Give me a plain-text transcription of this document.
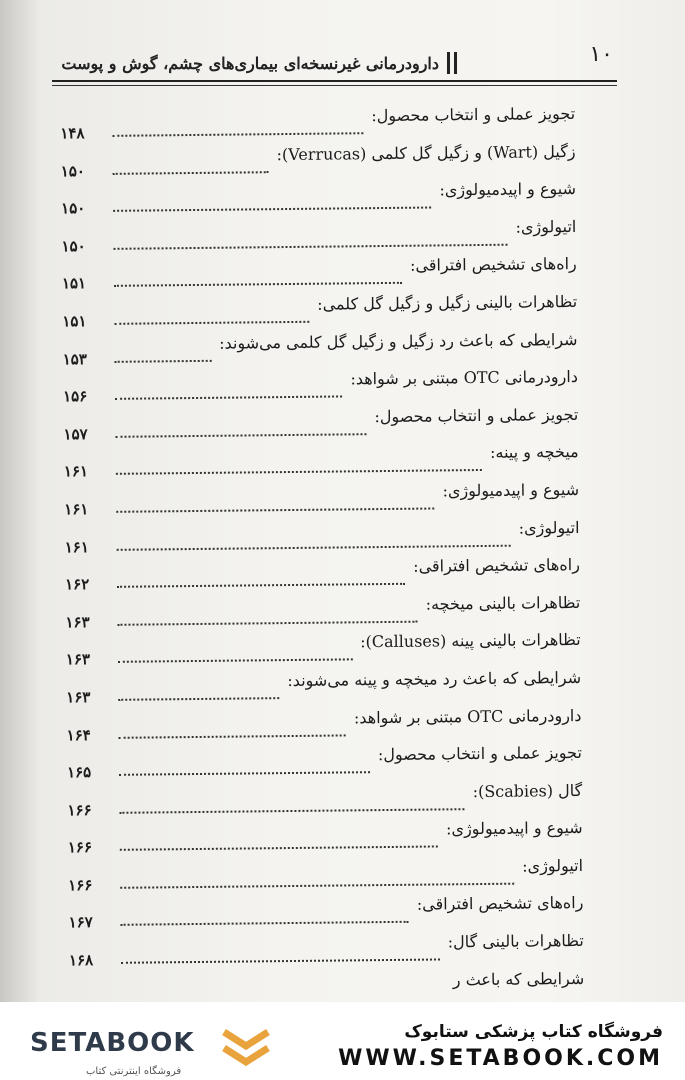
۱۰
دارودرمانی غیرنسخه‌ای بیماری‌های چشم، گوش و پوست
تجویز عملی و انتخاب محصول:
۱۴۸
زگیل (Wart) و زگیل گل کلمی (Verrucas):
۱۵۰
شیوع و اپیدمیولوژی:
۱۵۰
اتیولوژی:
۱۵۰
راه‌های تشخیص افتراقی:
۱۵۱
تظاهرات بالینی زگیل و زگیل گل کلمی:
۱۵۱
شرایطی که باعث رد زگیل و زگیل گل کلمی می‌شوند:
۱۵۳
دارودرمانی OTC مبتنی بر شواهد:
۱۵۶
تجویز عملی و انتخاب محصول:
۱۵۷
میخچه و پینه:
۱۶۱
شیوع و اپیدمیولوژی:
۱۶۱
اتیولوژی:
۱۶۱
راه‌های تشخیص افتراقی:
۱۶۲
تظاهرات بالینی میخچه:
۱۶۳
تظاهرات بالینی پینه (Calluses):
۱۶۳
شرایطی که باعث رد میخچه و پینه می‌شوند:
۱۶۳
دارودرمانی OTC مبتنی بر شواهد:
۱۶۴
تجویز عملی و انتخاب محصول:
۱۶۵
گال (Scabies):
۱۶۶
شیوع و اپیدمیولوژی:
۱۶۶
اتیولوژی:
۱۶۶
راه‌های تشخیص افتراقی:
۱۶۷
تظاهرات بالینی گال:
۱۶۸
شرایطی که باعث ر
SETABOOK
فروشگاه اینترنتی کتاب
فروشگاه کتاب پزشکی ستابوک
WWW.SETABOOK.COM
